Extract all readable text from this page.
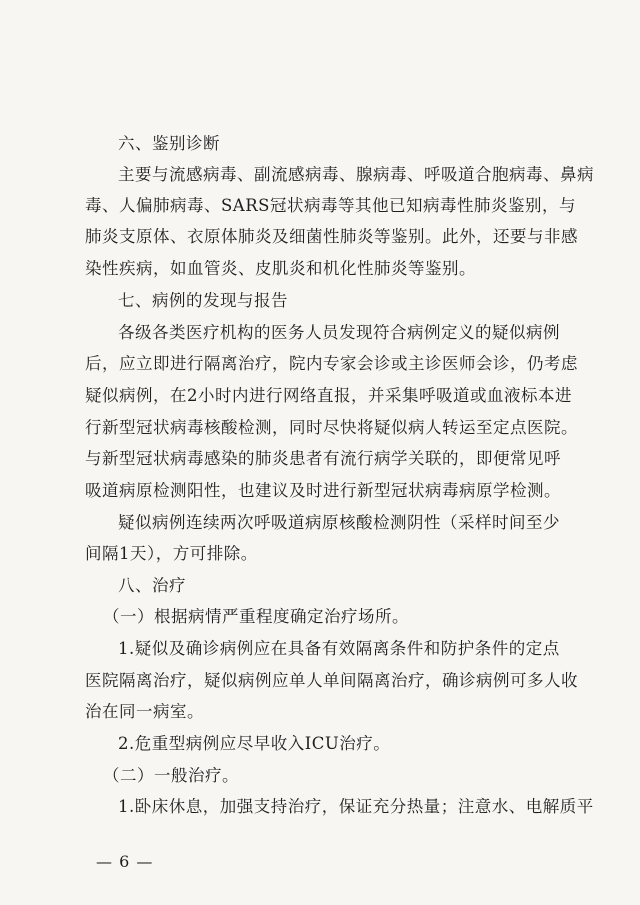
六、鉴别诊断
主要与流感病毒、副流感病毒、腺病毒、呼吸道合胞病毒、鼻病
毒、人偏肺病毒、SARS冠状病毒等其他已知病毒性肺炎鉴别，与
肺炎支原体、衣原体肺炎及细菌性肺炎等鉴别。此外，还要与非感
染性疾病，如血管炎、皮肌炎和机化性肺炎等鉴别。
七、病例的发现与报告
各级各类医疗机构的医务人员发现符合病例定义的疑似病例
后，应立即进行隔离治疗，院内专家会诊或主诊医师会诊，仍考虑
疑似病例，在2小时内进行网络直报，并采集呼吸道或血液标本进
行新型冠状病毒核酸检测，同时尽快将疑似病人转运至定点医院。
与新型冠状病毒感染的肺炎患者有流行病学关联的，即便常见呼
吸道病原检测阳性，也建议及时进行新型冠状病毒病原学检测。
疑似病例连续两次呼吸道病原核酸检测阴性（采样时间至少
间隔1天），方可排除。
八、治疗
（一）根据病情严重程度确定治疗场所。
1.疑似及确诊病例应在具备有效隔离条件和防护条件的定点
医院隔离治疗，疑似病例应单人单间隔离治疗，确诊病例可多人收
治在同一病室。
2.危重型病例应尽早收入ICU治疗。
（二）一般治疗。
1.卧床休息，加强支持治疗，保证充分热量；注意水、电解质平
— 6 —
